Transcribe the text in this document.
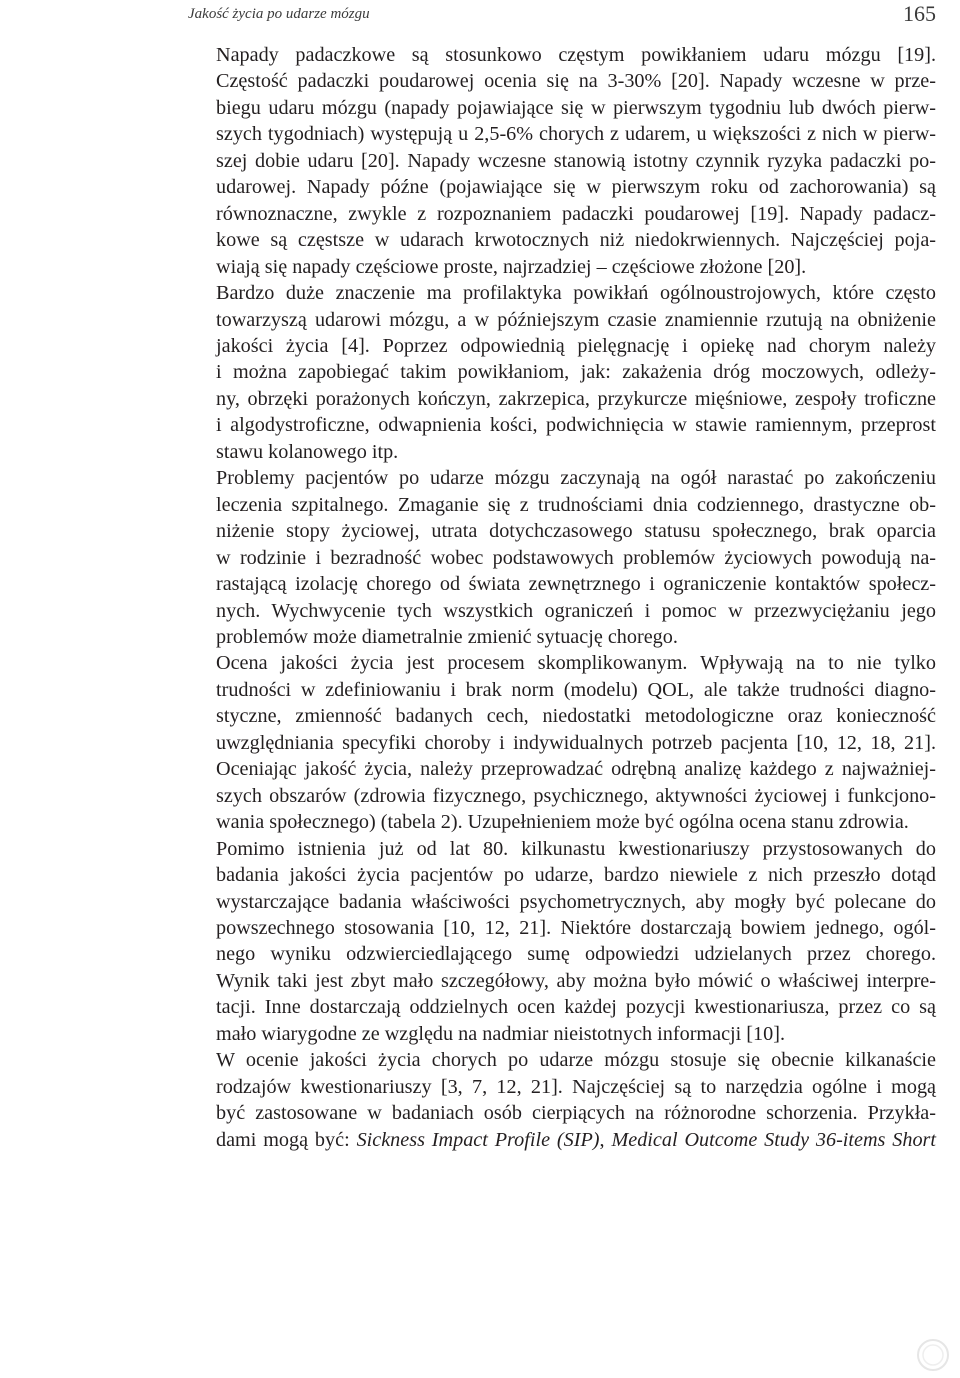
Jakość życia po udarze mózgu	165

Napady padaczkowe są stosunkowo częstym powikłaniem udaru mózgu [19].
Częstość padaczki poudarowej ocenia się na 3-30% [20]. Napady wczesne w prze-
biegu udaru mózgu (napady pojawiające się w pierwszym tygodniu lub dwóch pierw-
szych tygodniach) występują u 2,5-6% chorych z udarem, u większości z nich w pierw-
szej dobie udaru [20]. Napady wczesne stanowią istotny czynnik ryzyka padaczki po-
udarowej. Napady późne (pojawiające się w pierwszym roku od zachorowania) są
równoznaczne, zwykle z rozpoznaniem padaczki poudarowej [19]. Napady padacz-
kowe są częstsze w udarach krwotocznych niż niedokrwiennych. Najczęściej poja-
wiają się napady częściowe proste, najrzadziej – częściowe złożone [20].

Bardzo duże znaczenie ma profilaktyka powikłań ogólnoustrojowych, które często
towarzyszą udarowi mózgu, a w późniejszym czasie znamiennie rzutują na obniżenie
jakości życia [4]. Poprzez odpowiednią pielęgnację i opiekę nad chorym należy
i można zapobiegać takim powikłaniom, jak: zakażenia dróg moczowych, odleży-
ny, obrzęki porażonych kończyn, zakrzepica, przykurcze mięśniowe, zespoły troficzne
i algodystroficzne, odwapnienia kości, podwichnięcia w stawie ramiennym, przeprost
stawu kolanowego itp.

Problemy pacjentów po udarze mózgu zaczynają na ogół narastać po zakończeniu
leczenia szpitalnego. Zmaganie się z trudnościami dnia codziennego, drastyczne ob-
niżenie stopy życiowej, utrata dotychczasowego statusu społecznego, brak oparcia
w rodzinie i bezradność wobec podstawowych problemów życiowych powodują na-
rastającą izolację chorego od świata zewnętrznego i ograniczenie kontaktów społecz-
nych. Wychwycenie tych wszystkich ograniczeń i pomoc w przezwyciężaniu jego
problemów może diametralnie zmienić sytuację chorego.

Ocena jakości życia jest procesem skomplikowanym. Wpływają na to nie tylko
trudności w zdefiniowaniu i brak norm (modelu) QOL, ale także trudności diagno-
styczne, zmienność badanych cech, niedostatki metodologiczne oraz konieczność
uwzględniania specyfiki choroby i indywidualnych potrzeb pacjenta [10, 12, 18, 21].
Oceniając jakość życia, należy przeprowadzać odrębną analizę każdego z najważniej-
szych obszarów (zdrowia fizycznego, psychicznego, aktywności życiowej i funkcjono-
wania społecznego) (tabela 2). Uzupełnieniem może być ogólna ocena stanu zdrowia.

Pomimo istnienia już od lat 80. kilkunastu kwestionariuszy przystosowanych do
badania jakości życia pacjentów po udarze, bardzo niewiele z nich przeszło dotąd
wystarczające badania właściwości psychometrycznych, aby mogły być polecane do
powszechnego stosowania [10, 12, 21]. Niektóre dostarczają bowiem jednego, ogól-
nego wyniku odzwierciedlającego sumę odpowiedzi udzielanych przez chorego.
Wynik taki jest zbyt mało szczegółowy, aby można było mówić o właściwej interpre-
tacji. Inne dostarczają oddzielnych ocen każdej pozycji kwestionariusza, przez co są
mało wiarygodne ze względu na nadmiar nieistotnych informacji [10].

W ocenie jakości życia chorych po udarze mózgu stosuje się obecnie kilkanaście
rodzajów kwestionariuszy [3, 7, 12, 21]. Najczęściej są to narzędzia ogólne i mogą
być zastosowane w badaniach osób cierpiących na różnorodne schorzenia. Przykła-
dami mogą być: Sickness Impact Profile (SIP), Medical Outcome Study 36-items Short
